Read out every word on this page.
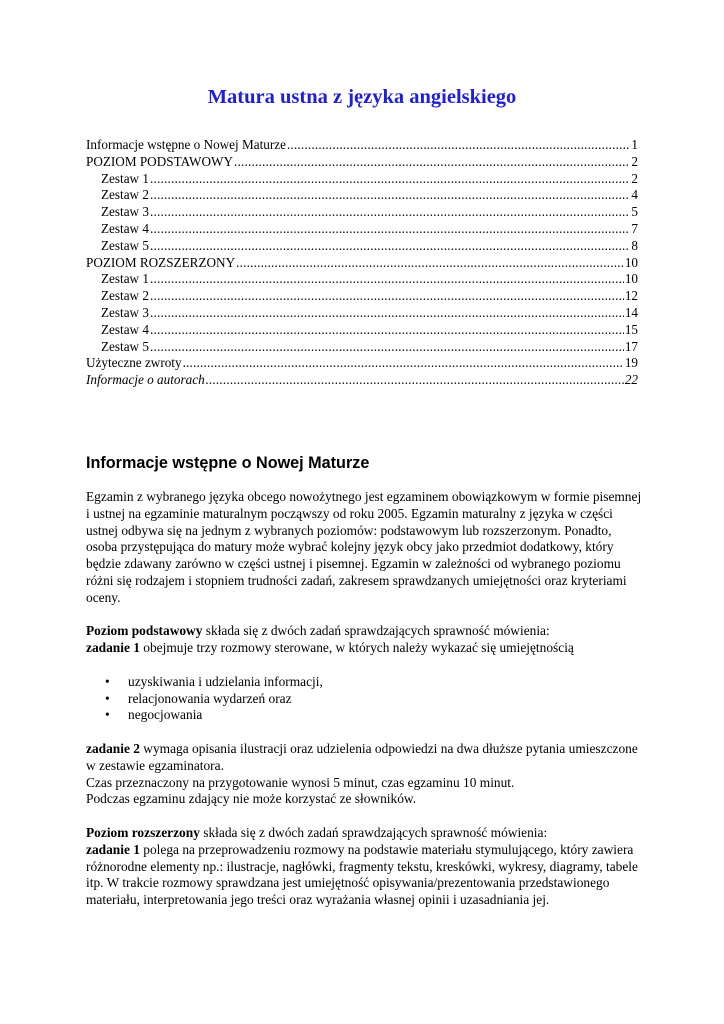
Matura ustna z języka angielskiego
Informacje wstępne o Nowej Maturze .....	1
POZIOM PODSTAWOWY .....	2
Zestaw 1 .....	2
Zestaw 2 .....	4
Zestaw 3 .....	5
Zestaw 4 .....	7
Zestaw 5 .....	8
POZIOM ROZSZERZONY .....	10
Zestaw 1 .....	10
Zestaw 2 .....	12
Zestaw 3 .....	14
Zestaw 4 .....	15
Zestaw 5 .....	17
Użyteczne zwroty .....	19
Informacje o autorach .....	22
Informacje wstępne o Nowej Maturze

Egzamin z wybranego języka obcego nowożytnego jest egzaminem obowiązkowym w formie pisemnej i ustnej na egzaminie maturalnym począwszy od roku 2005. Egzamin maturalny z języka w części ustnej odbywa się na jednym z wybranych poziomów: podstawowym lub rozszerzonym. Ponadto, osoba przystępująca do matury może wybrać kolejny język obcy jako przedmiot dodatkowy, który będzie zdawany zarówno w części ustnej i pisemnej. Egzamin w zależności od wybranego poziomu różni się rodzajem i stopniem trudności zadań, zakresem sprawdzanych umiejętności oraz kryteriami oceny.

Poziom podstawowy składa się z dwóch zadań sprawdzających sprawność mówienia:

zadanie 1 obejmuje trzy rozmowy sterowane, w których należy wykazać się umiejętnością

• uzyskiwania i udzielania informacji,
• relacjonowania wydarzeń oraz
• negocjowania

zadanie 2 wymaga opisania ilustracji oraz udzielenia odpowiedzi na dwa dłuższe pytania umieszczone w zestawie egzaminatora.

Czas przeznaczony na przygotowanie wynosi 5 minut, czas egzaminu 10 minut.

Podczas egzaminu zdający nie może korzystać ze słowników.

Poziom rozszerzony składa się z dwóch zadań sprawdzających sprawność mówienia:

zadanie 1 polega na przeprowadzeniu rozmowy na podstawie materiału stymulującego, który zawiera różnorodne elementy np.: ilustracje, nagłówki, fragmenty tekstu, kreskówki, wykresy, diagramy, tabele itp. W trakcie rozmowy sprawdzana jest umiejętność opisywania/prezentowania przedstawionego materiału, interpretowania jego treści oraz wyrażania własnej opinii i uzasadniania jej.
